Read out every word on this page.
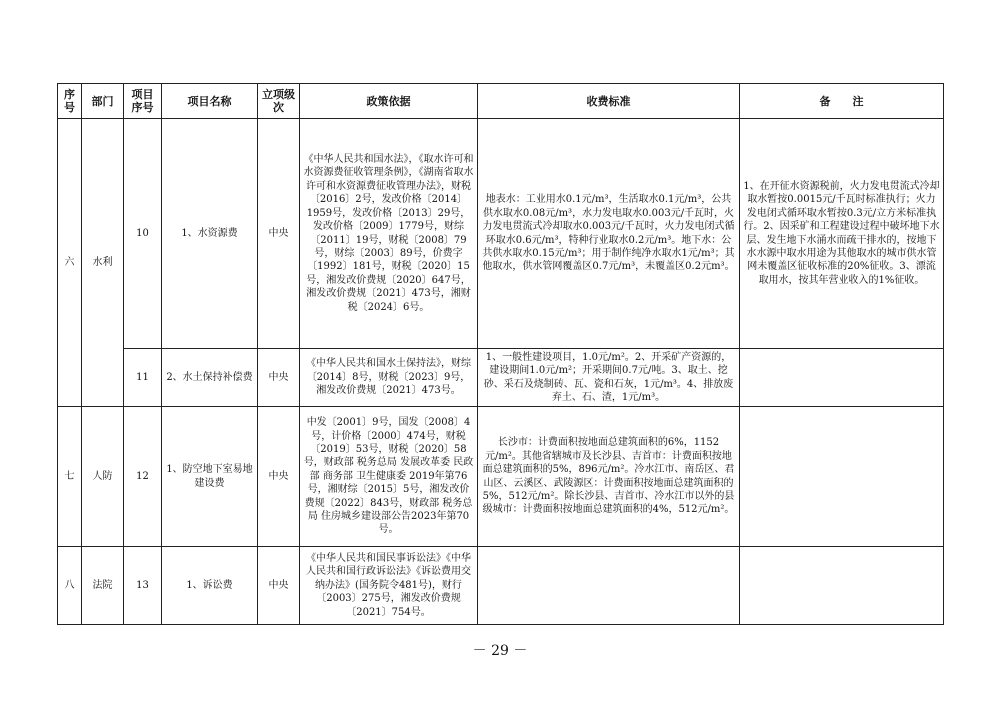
序号	部门	项目序号	项目名称	立项级次	政策依据	收费标准	备　　注
六	水利	10	1、水资源费	中央	《中华人民共和国水法》，《取水许可和水资源费征收管理条例》，《湖南省取水许可和水资源费征收管理办法》，财税〔2016〕2号，发改价格〔2014〕1959号，发改价格〔2013〕29号，发改价格〔2009〕1779号，财综〔2011〕19号，财税〔2008〕79号，财综〔2003〕89号，价费字〔1992〕181号，财税〔2020〕15号，湘发改价费规〔2020〕647号，湘发改价费规〔2021〕473号，湘财税〔2024〕6号。	地表水：工业用水0.1元/m³，生活取水0.1元/m³，公共供水取水0.08元/m³，水力发电取水0.003元/千瓦时，火力发电贯流式冷却取水0.003元/千瓦时，火力发电闭式循环取水0.6元/m³，特种行业取水0.2元/m³。地下水：公共供水取水0.15元/m³；用于制作纯净水取水1元/m³；其他取水，供水管网覆盖区0.7元/m³，未覆盖区0.2元m³。	1、在开征水资源税前，火力发电贯流式冷却取水暂按0.0015元/千瓦时标准执行；火力发电闭式循环取水暂按0.3元/立方米标准执行。2、因采矿和工程建设过程中破坏地下水层、发生地下水涌水而疏干排水的，按地下水水源中取水用途为其他取水的城市供水管网未覆盖区征收标准的20%征收。3、漂流取用水，按其年营业收入的1%征收。
		11	2、水土保持补偿费	中央	《中华人民共和国水土保持法》，财综〔2014〕8号，财税〔2023〕9号，湘发改价费规〔2021〕473号。	1、一般性建设项目，1.0元/m²。2、开采矿产资源的，建设期间1.0元/m²；开采期间0.7元/吨。3、取土、挖砂、采石及烧制砖、瓦、瓷和石灰，1元/m³。4、排放废弃土、石、渣，1元/m³。	
七	人防	12	1、防空地下室易地建设费	中央	中发〔2001〕9号，国发〔2008〕4号，计价格〔2000〕474号，财税〔2019〕53号，财税〔2020〕58号，财政部 税务总局 发展改革委 民政部 商务部 卫生健康委 2019年第76号，湘财综〔2015〕5号，湘发改价费规〔2022〕843号，财政部 税务总局 住房城乡建设部公告2023年第70号。	长沙市：计费面积按地面总建筑面积的6%，1152元/m²。其他省辖城市及长沙县、吉首市：计费面积按地面总建筑面积的5%，896元/m²。冷水江市、南岳区、君山区、云溪区、武陵源区：计费面积按地面总建筑面积的5%，512元/m²。除长沙县、吉首市、冷水江市以外的县级城市：计费面积按地面总建筑面积的4%，512元/m²。	
八	法院	13	1、诉讼费	中央	《中华人民共和国民事诉讼法》《中华人民共和国行政诉讼法》《诉讼费用交纳办法》(国务院令481号)，财行〔2003〕275号，湘发改价费规〔2021〕754号。		
－ 29 －
